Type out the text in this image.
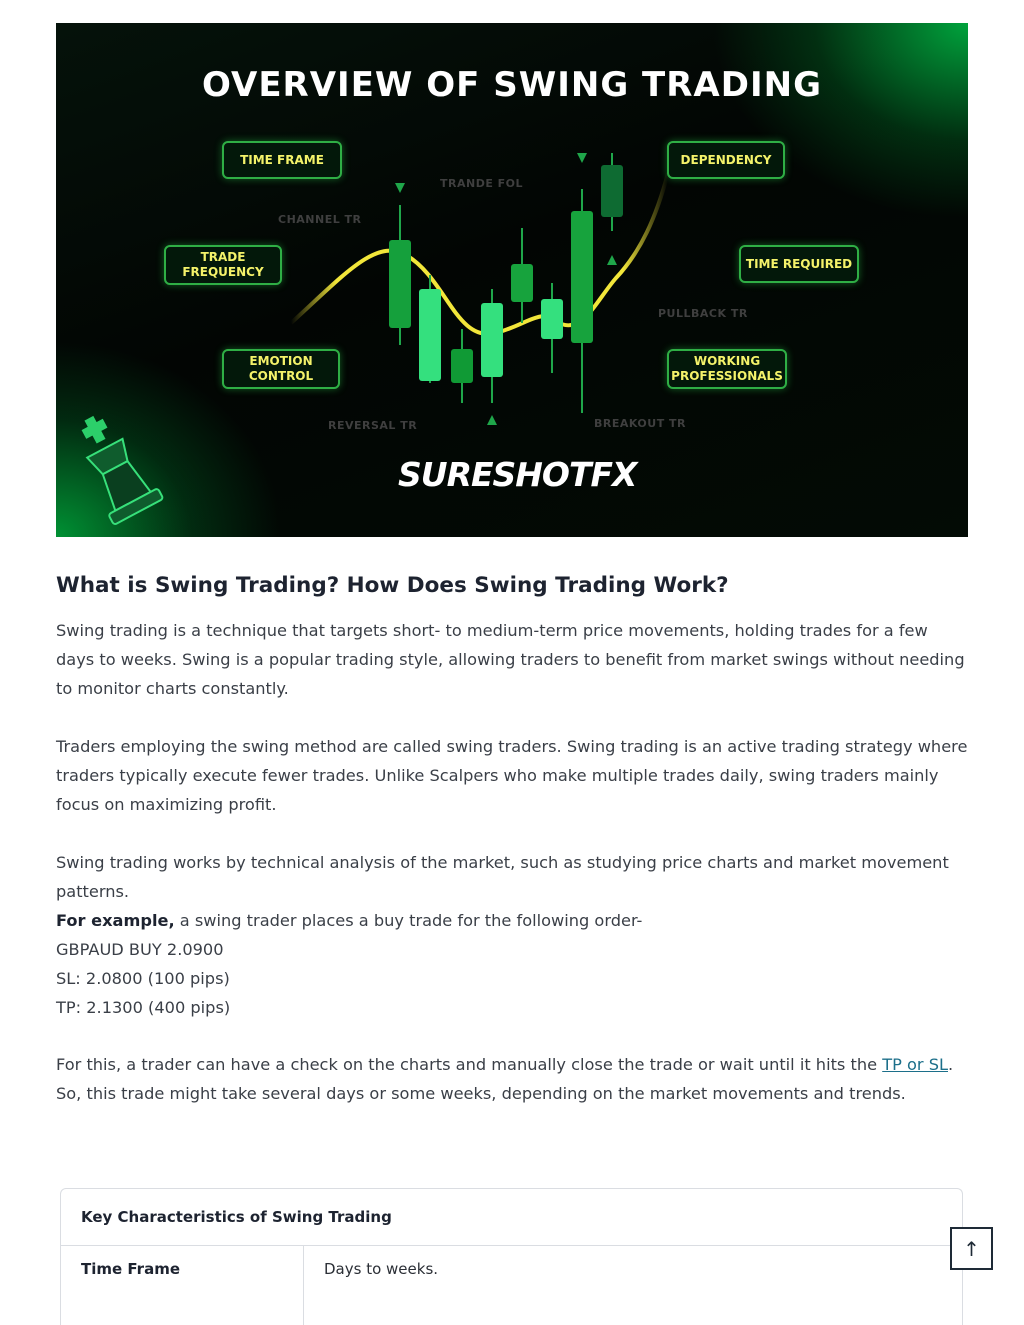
OVERVIEW OF SWING TRADING
TRANDE FOL
CHANNEL TR
PULLBACK TR
REVERSAL TR	BREAKOUT TR
TIME FRAME
TRADE FREQUENCY
EMOTION CONTROL
DEPENDENCY
TIME REQUIRED
WORKING PROFESSIONALS
SURESHOTFX
What is Swing Trading? How Does Swing Trading Work?

Swing trading is a technique that targets short- to medium-term price movements, holding trades for a few days to weeks. Swing is a popular trading style, allowing traders to benefit from market swings without needing to monitor charts constantly.

Traders employing the swing method are called swing traders. Swing trading is an active trading strategy where traders typically execute fewer trades. Unlike Scalpers who make multiple trades daily, swing traders mainly focus on maximizing profit.

Swing trading works by technical analysis of the market, such as studying price charts and market movement patterns.
For example, a swing trader places a buy trade for the following order-
GBPAUD BUY 2.0900
SL: 2.0800 (100 pips)
TP: 2.1300 (400 pips)

For this, a trader can have a check on the charts and manually close the trade or wait until it hits the TP or SL. So, this trade might take several days or some weeks, depending on the market movements and trends.

Key Characteristics of Swing Trading
Time Frame	Days to weeks.
↑
